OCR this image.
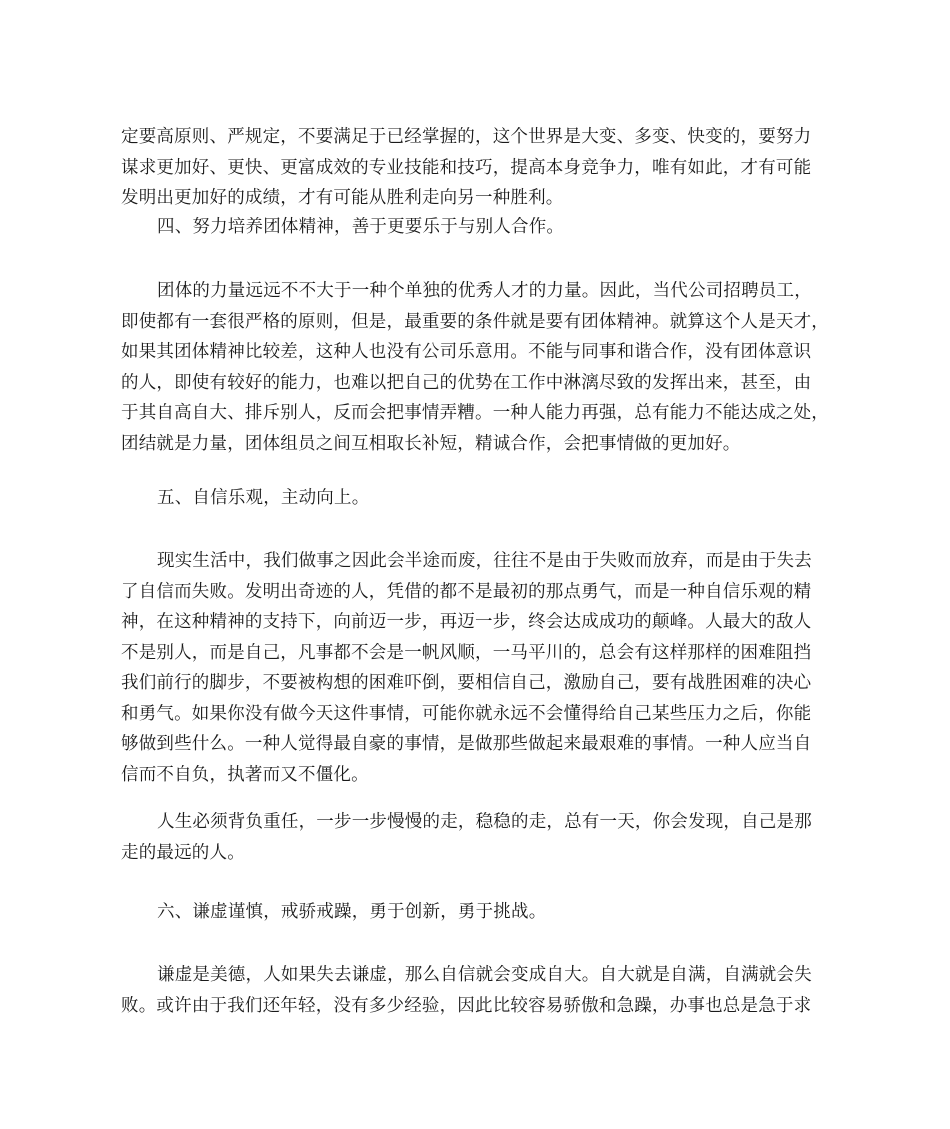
定要高原则、严规定，不要满足于已经掌握的，这个世界是大变、多变、快变的，要努力
谋求更加好、更快、更富成效的专业技能和技巧，提高本身竞争力，唯有如此，才有可能
发明出更加好的成绩，才有可能从胜利走向另一种胜利。
四、努力培养团体精神，善于更要乐于与别人合作。
团体的力量远远不不大于一种个单独的优秀人才的力量。因此，当代公司招聘员工，
即使都有一套很严格的原则，但是，最重要的条件就是要有团体精神。就算这个人是天才，
如果其团体精神比较差，这种人也没有公司乐意用。不能与同事和谐合作，没有团体意识
的人，即使有较好的能力，也难以把自己的优势在工作中淋漓尽致的发挥出来，甚至，由
于其自高自大、排斥别人，反而会把事情弄糟。一种人能力再强，总有能力不能达成之处，
团结就是力量，团体组员之间互相取长补短，精诚合作，会把事情做的更加好。
五、自信乐观，主动向上。
现实生活中，我们做事之因此会半途而废，往往不是由于失败而放弃，而是由于失去
了自信而失败。发明出奇迹的人，凭借的都不是最初的那点勇气，而是一种自信乐观的精
神，在这种精神的支持下，向前迈一步，再迈一步，终会达成成功的颠峰。人最大的敌人
不是别人，而是自己，凡事都不会是一帆风顺，一马平川的，总会有这样那样的困难阻挡
我们前行的脚步，不要被构想的困难吓倒，要相信自己，激励自己，要有战胜困难的决心
和勇气。如果你没有做今天这件事情，可能你就永远不会懂得给自己某些压力之后，你能
够做到些什么。一种人觉得最自豪的事情，是做那些做起来最艰难的事情。一种人应当自
信而不自负，执著而又不僵化。
人生必须背负重任，一步一步慢慢的走，稳稳的走，总有一天，你会发现，自己是那
走的最远的人。
六、谦虚谨慎，戒骄戒躁，勇于创新，勇于挑战。
谦虚是美德，人如果失去谦虚，那么自信就会变成自大。自大就是自满，自满就会失
败。或许由于我们还年轻，没有多少经验，因此比较容易骄傲和急躁，办事也总是急于求
